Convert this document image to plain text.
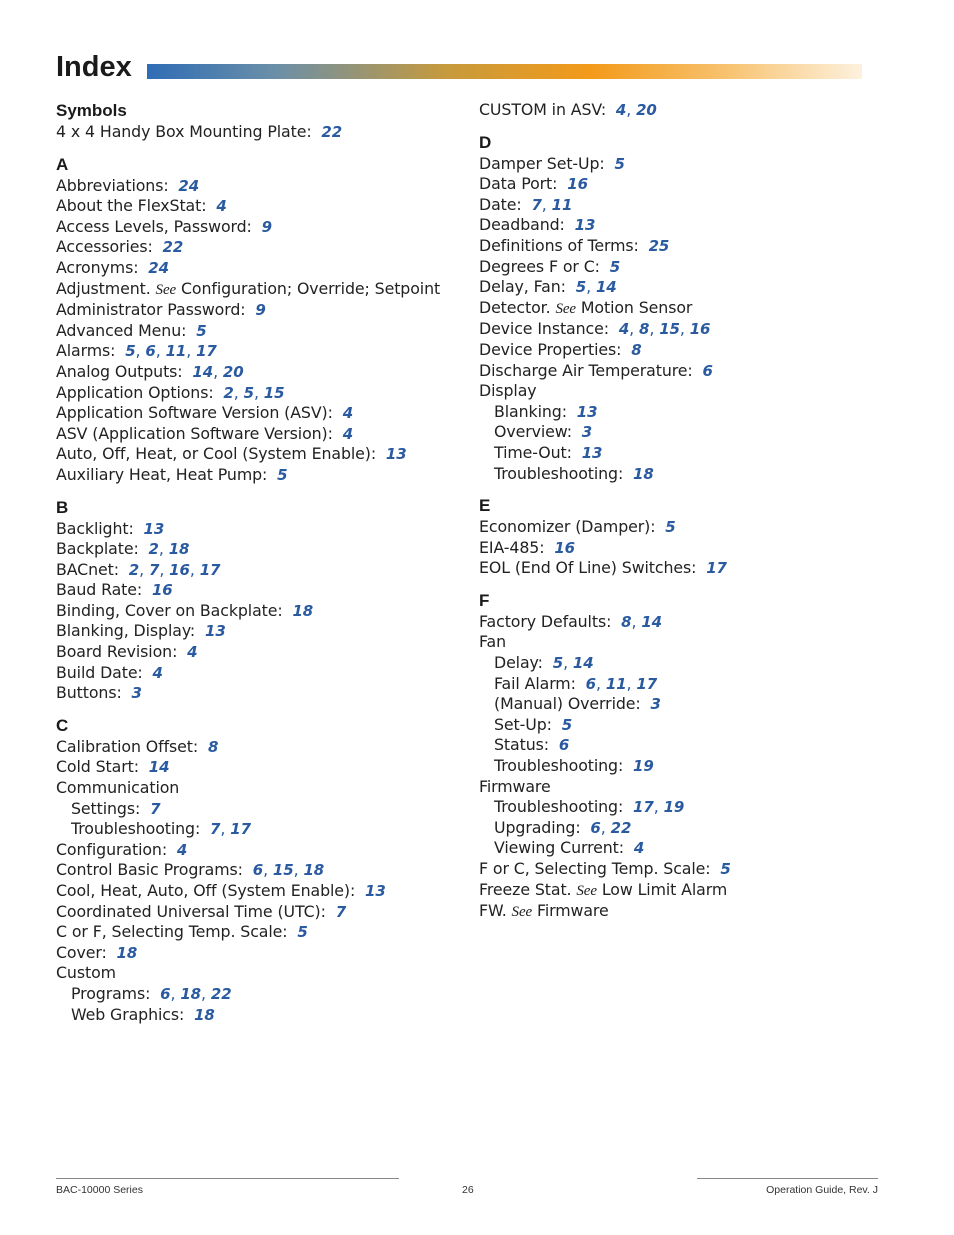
Index
Symbols
4 x 4 Handy Box Mounting Plate: 22
A
Abbreviations: 24
About the FlexStat: 4
Access Levels, Password: 9
Accessories: 22
Acronyms: 24
Adjustment. See Configuration; Override; Setpoint
Administrator Password: 9
Advanced Menu: 5
Alarms: 5, 6, 11, 17
Analog Outputs: 14, 20
Application Options: 2, 5, 15
Application Software Version (ASV): 4
ASV (Application Software Version): 4
Auto, Off, Heat, or Cool (System Enable): 13
Auxiliary Heat, Heat Pump: 5
B
Backlight: 13
Backplate: 2, 18
BACnet: 2, 7, 16, 17
Baud Rate: 16
Binding, Cover on Backplate: 18
Blanking, Display: 13
Board Revision: 4
Build Date: 4
Buttons: 3
C
Calibration Offset: 8
Cold Start: 14
Communication
Settings: 7
Troubleshooting: 7, 17
Configuration: 4
Control Basic Programs: 6, 15, 18
Cool, Heat, Auto, Off (System Enable): 13
Coordinated Universal Time (UTC): 7
C or F, Selecting Temp. Scale: 5
Cover: 18
Custom
Programs: 6, 18, 22
Web Graphics: 18
CUSTOM in ASV: 4, 20
D
Damper Set-Up: 5
Data Port: 16
Date: 7, 11
Deadband: 13
Definitions of Terms: 25
Degrees F or C: 5
Delay, Fan: 5, 14
Detector. See Motion Sensor
Device Instance: 4, 8, 15, 16
Device Properties: 8
Discharge Air Temperature: 6
Display
Blanking: 13
Overview: 3
Time-Out: 13
Troubleshooting: 18
E
Economizer (Damper): 5
EIA-485: 16
EOL (End Of Line) Switches: 17
F
Factory Defaults: 8, 14
Fan
Delay: 5, 14
Fail Alarm: 6, 11, 17
(Manual) Override: 3
Set-Up: 5
Status: 6
Troubleshooting: 19
Firmware
Troubleshooting: 17, 19
Upgrading: 6, 22
Viewing Current: 4
F or C, Selecting Temp. Scale: 5
Freeze Stat. See Low Limit Alarm
FW. See Firmware
BAC-10000 Series	26	Operation Guide, Rev. J
